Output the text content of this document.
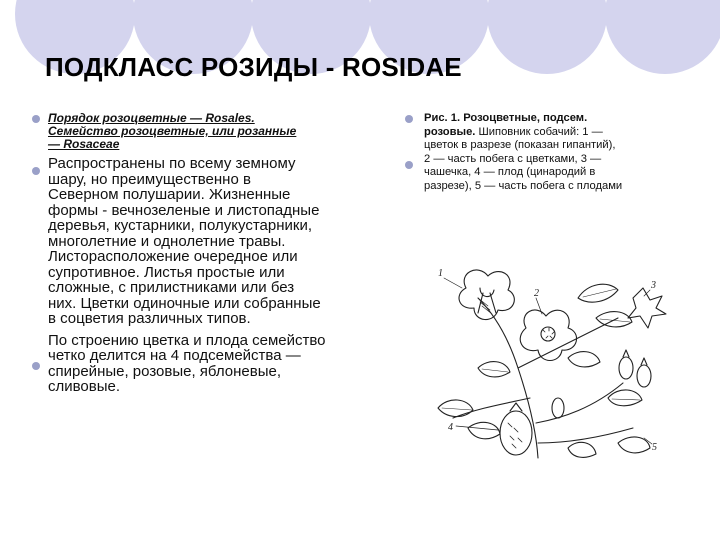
ПОДКЛАСС РОЗИДЫ - ROSIDAE
Порядок розоцветные — Rosales.
Семейство розоцветные, или розанные
— Rosaceae
Распространены по всему земному
шару, но преимущественно в
Северном полушарии. Жизненные
формы - вечнозеленые и листопадные
деревья, кустарники, полукустарники,
многолетние и однолетние травы.
Листорасположение очередное или
супротивное. Листья простые или
сложные, с прилистниками или без
них. Цветки одиночные или собранные
в соцветия различных типов.
По строению цветка и плода семейство
четко делится на 4 подсемейства —
спирейные, розовые, яблоневые,
сливовые.
Рис. 1. Розоцветные, подсем.
розовые. Шиповник собачий: 1 —
цветок в разрезе (показан гипантий),
2 — часть побега с цветками, 3 —
чашечка, 4 — плод (цинародий в
разрезе), 5 — часть побега с плодами
1
2
3
4
5
